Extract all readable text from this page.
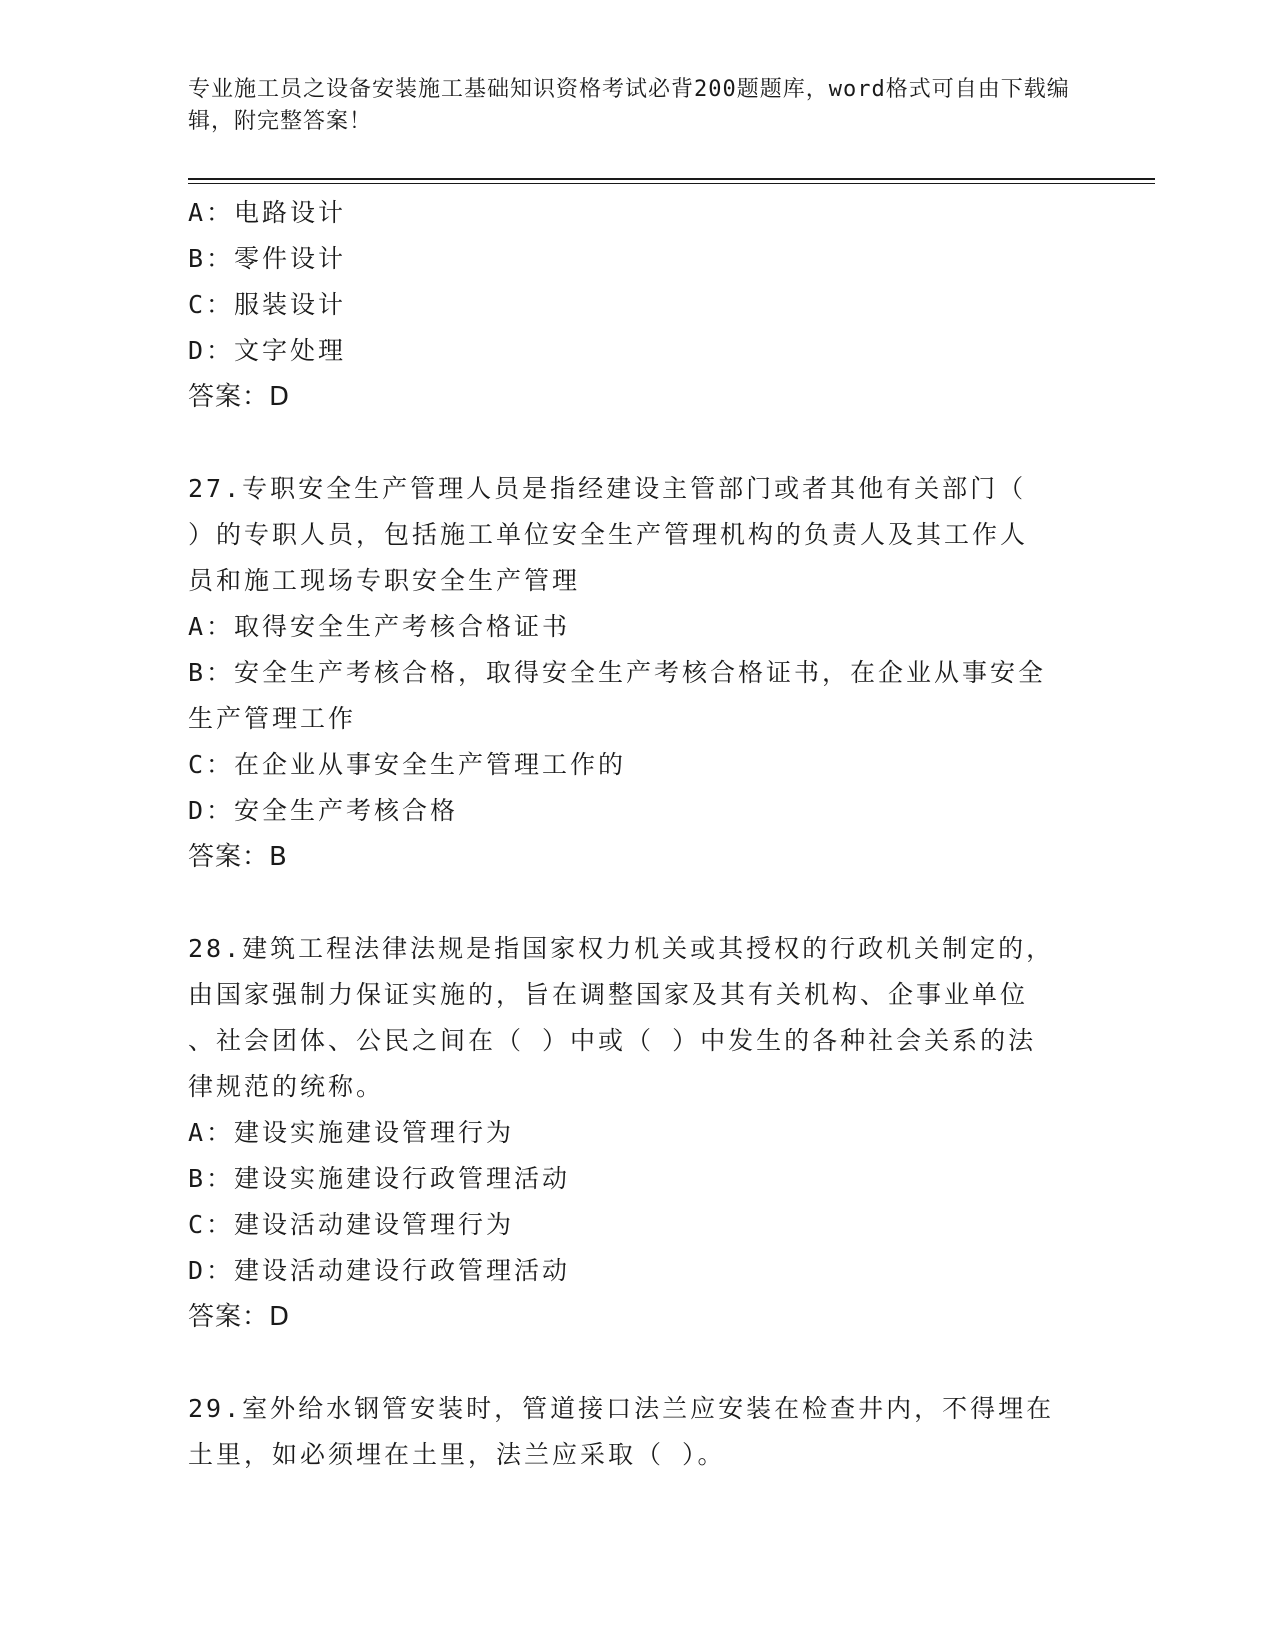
专业施工员之设备安装施工基础知识资格考试必背200题题库，word格式可自由下载编辑，附完整答案！
A：电路设计
B：零件设计
C：服装设计
D：文字处理
答案：D
27.专职安全生产管理人员是指经建设主管部门或者其他有关部门（
）的专职人员，包括施工单位安全生产管理机构的负责人及其工作人
员和施工现场专职安全生产管理
A：取得安全生产考核合格证书
B：安全生产考核合格，取得安全生产考核合格证书，在企业从事安全
生产管理工作
C：在企业从事安全生产管理工作的
D：安全生产考核合格
答案：B
28.建筑工程法律法规是指国家权力机关或其授权的行政机关制定的，
由国家强制力保证实施的，旨在调整国家及其有关机构、企事业单位
、社会团体、公民之间在（ ）中或（ ）中发生的各种社会关系的法
律规范的统称。
A：建设实施建设管理行为
B：建设实施建设行政管理活动
C：建设活动建设管理行为
D：建设活动建设行政管理活动
答案：D
29.室外给水钢管安装时，管道接口法兰应安装在检查井内，不得埋在
土里，如必须埋在土里，法兰应采取（ ）。
